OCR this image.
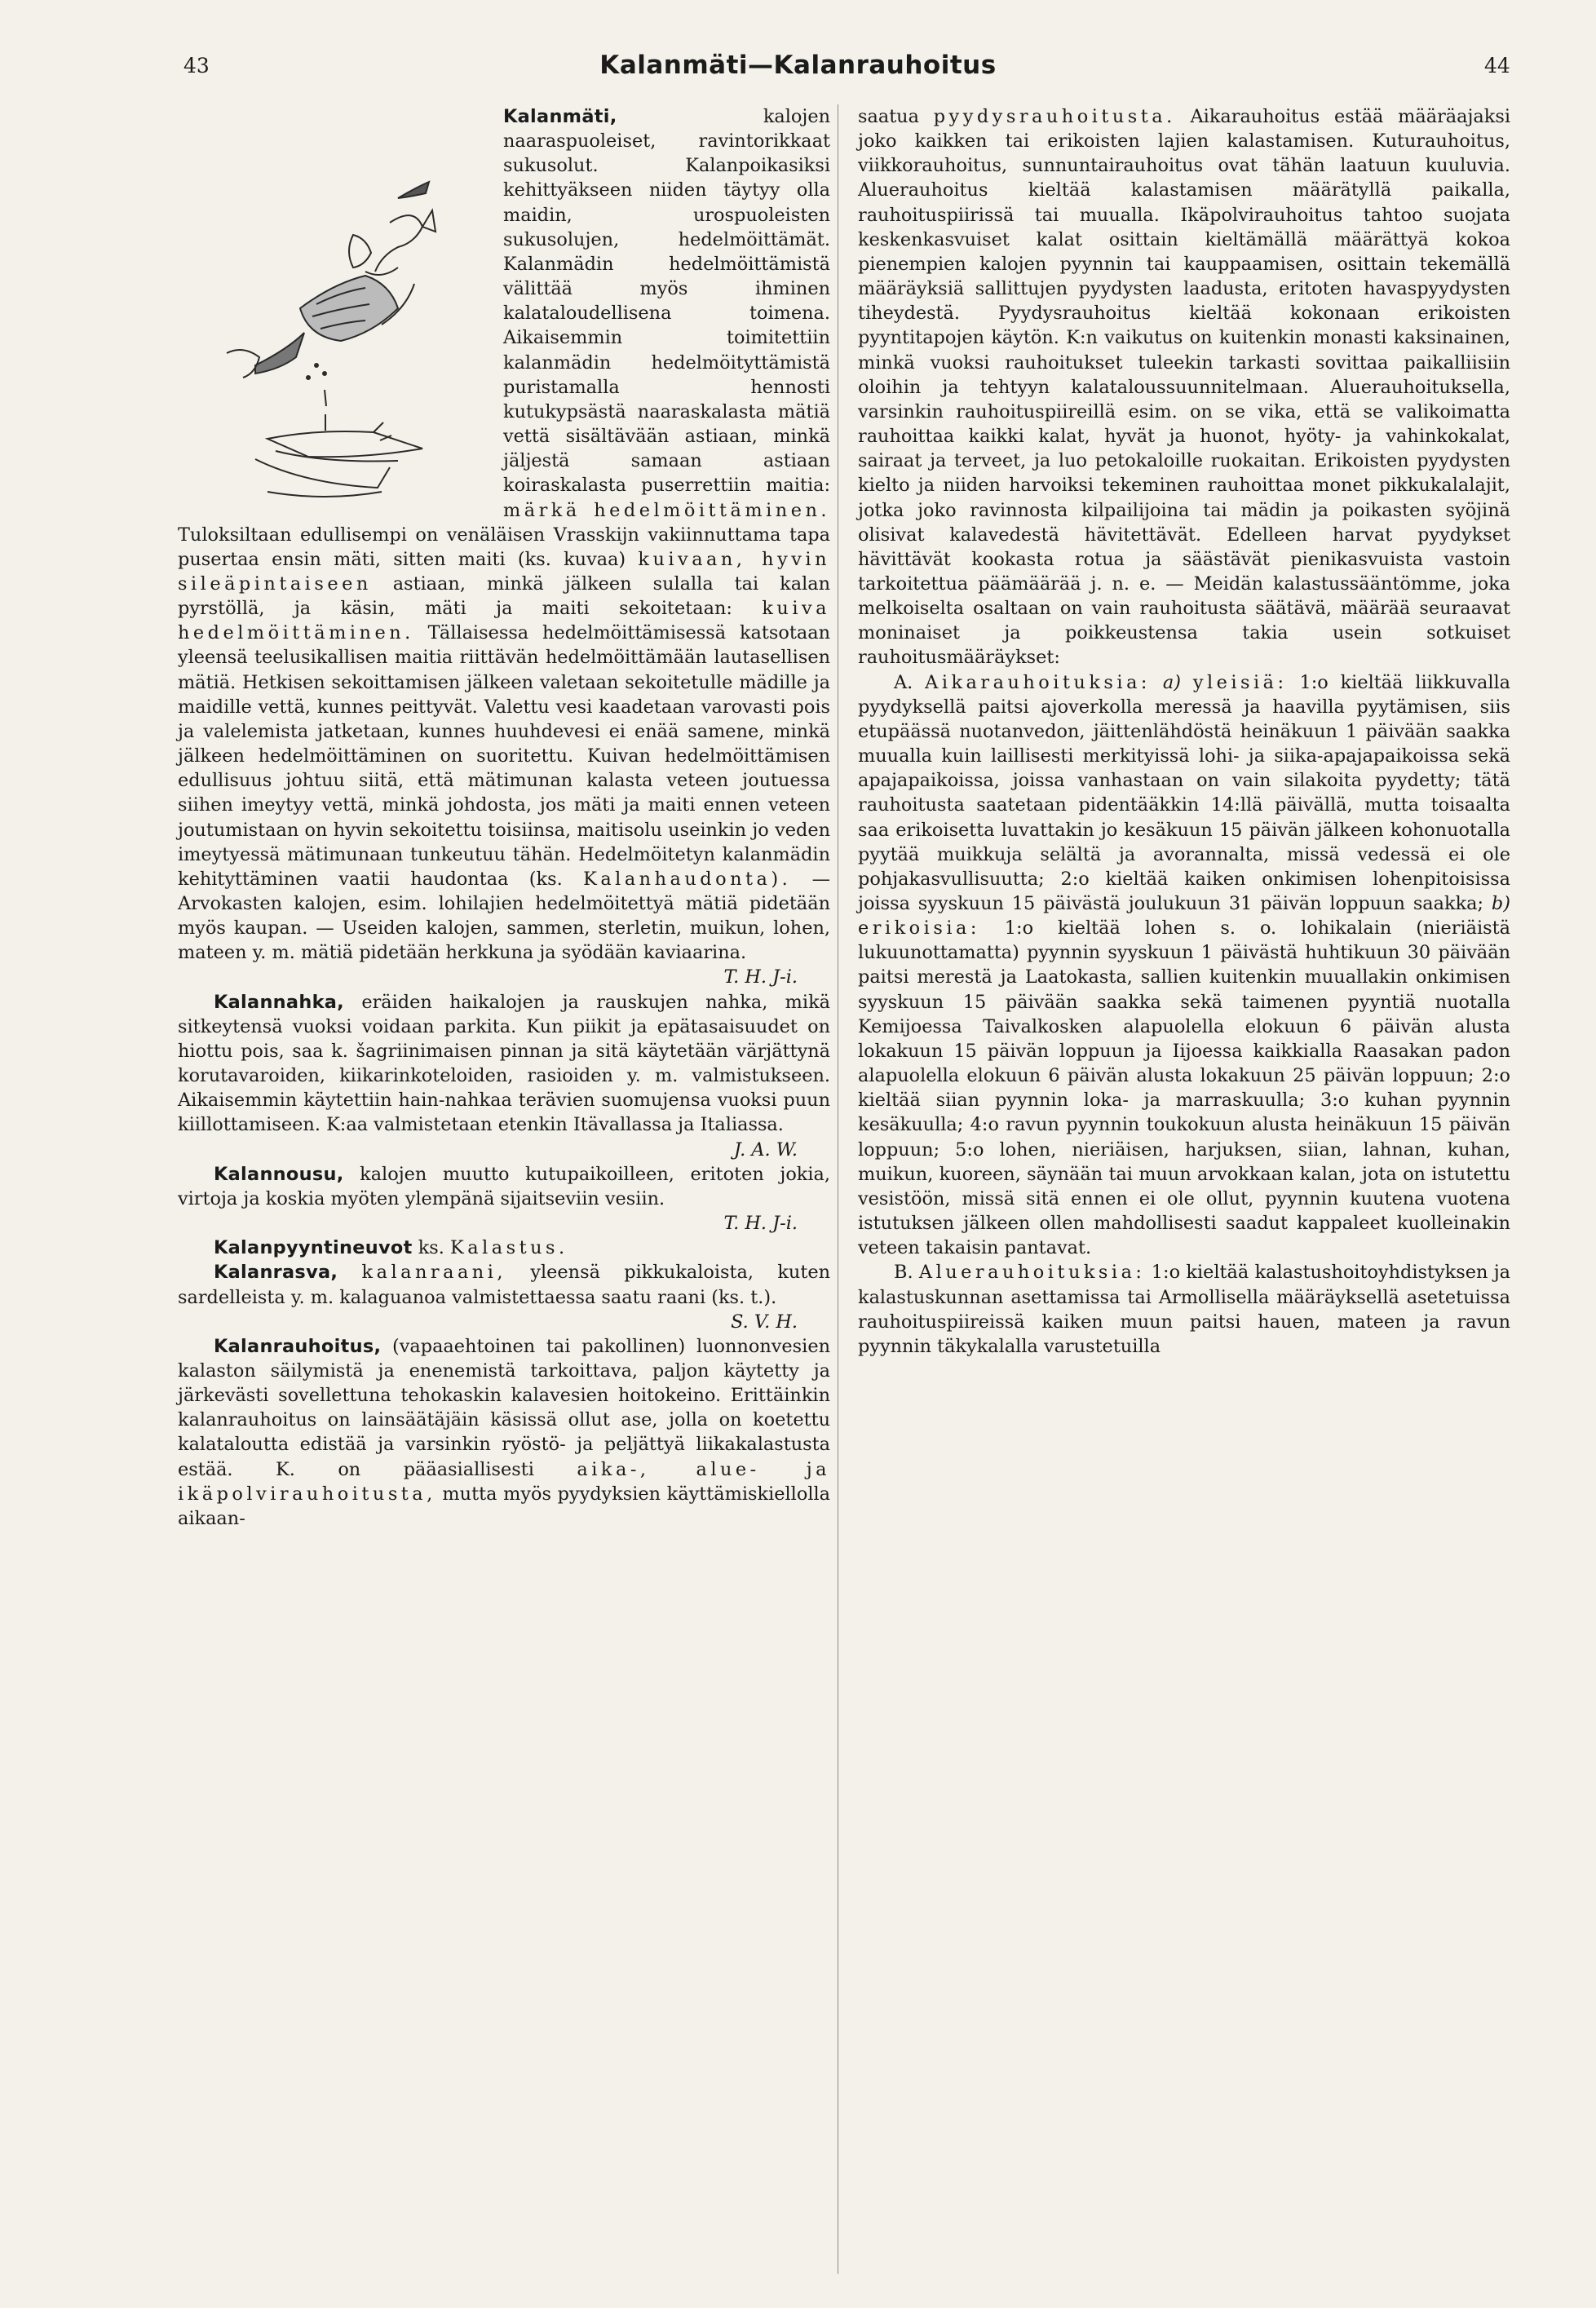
43	Kalanmäti—Kalanrauhoitus	44

Kalanmäti, kalojen naaraspuoleiset, ravintorikkaat sukusolut. Kalanpoikasiksi kehittyäkseen niiden täytyy olla maidin, urospuoleisten sukusolujen, hedelmöittämät. Kalanmädin hedelmöittämistä välittää myös ihminen kalataloudellisena toimena. Aikaisemmin toimitettiin kalanmädin hedelmöityttämistä puristamalla hennosti kutukypsästä naaraskalasta mätiä vettä sisältävään astiaan, minkä jäljestä samaan astiaan koiraskalasta puserrettiin maitia: märkä hedelmöittäminen. Tuloksiltaan edullisempi on venäläisen Vrasskijn vakiinnuttama tapa pusertaa ensin mäti, sitten maiti (ks. kuvaa) kuivaan, hyvin sileäpintaiseen astiaan, minkä jälkeen sulalla tai kalan pyrstöllä, ja käsin, mäti ja maiti sekoitetaan: kuiva hedelmöittäminen. Tällaisessa hedelmöittämisessä katsotaan yleensä teelusikallisen maitia riittävän hedelmöittämään lautasellisen mätiä. Hetkisen sekoittamisen jälkeen valetaan sekoitetulle mädille ja maidille vettä, kunnes peittyvät. Valettu vesi kaadetaan varovasti pois ja valelemista jatketaan, kunnes huuhdevesi ei enää samene, minkä jälkeen hedelmöittäminen on suoritettu. Kuivan hedelmöittämisen edullisuus johtuu siitä, että mätimunan kalasta veteen joutuessa siihen imeytyy vettä, minkä johdosta, jos mäti ja maiti ennen veteen joutumistaan on hyvin sekoitettu toisiinsa, maitisolu useinkin jo veden imeytyessä mätimunaan tunkeutuu tähän. Hedelmöitetyn kalanmädin kehityttäminen vaatii haudontaa (ks. Kalanhaudonta). — Arvokasten kalojen, esim. lohilajien hedelmöitettyä mätiä pidetään myös kaupan. — Useiden kalojen, sammen, sterletin, muikun, lohen, mateen y. m. mätiä pidetään herkkuna ja syödään kaviaarina.
T. H. J-i.

Kalannahka, eräiden haikalojen ja rauskujen nahka, mikä sitkeytensä vuoksi voidaan parkita. Kun piikit ja epätasaisuudet on hiottu pois, saa k. šagriinimaisen pinnan ja sitä käytetään värjättynä korutavaroiden, kiikarinkoteloiden, rasioiden y. m. valmistukseen. Aikaisemmin käytettiin hain-nahkaa terävien suomujensa vuoksi puun kiillottamiseen. K:aa valmistetaan etenkin Itävallassa ja Italiassa.
J. A. W.

Kalannousu, kalojen muutto kutupaikoilleen, eritoten jokia, virtoja ja koskia myöten ylempänä sijaitseviin vesiin.
T. H. J-i.

Kalanpyyntineuvot ks. Kalastus.

Kalanrasva, kalanraani, yleensä pikkukaloista, kuten sardelleista y. m. kalaguanoa valmistettaessa saatu raani (ks. t.).
S. V. H.

Kalanrauhoitus, (vapaaehtoinen tai pakollinen) luonnonvesien kalaston säilymistä ja enenemistä tarkoittava, paljon käytetty ja järkevästi sovellettuna tehokaskin kalavesien hoitokeino. Erittäinkin kalanrauhoitus on lainsäätäjäin käsissä ollut ase, jolla on koetettu kalataloutta edistää ja varsinkin ryöstö- ja peljättyä liikakalastusta estää. K. on pääasiallisesti aika-, alue- ja ikäpolvirauhoitusta, mutta myös pyydyksien käyttämiskiellolla aikaan-

saatua pyydysrauhoitusta. Aikarauhoitus estää määräajaksi joko kaikken tai erikoisten lajien kalastamisen. Kuturauhoitus, viikkorauhoitus, sunnuntairauhoitus ovat tähän laatuun kuuluvia. Aluerauhoitus kieltää kalastamisen määrätyllä paikalla, rauhoituspiirissä tai muualla. Ikäpolvirauhoitus tahtoo suojata keskenkasvuiset kalat osittain kieltämällä määrättyä kokoa pienempien kalojen pyynnin tai kauppaamisen, osittain tekemällä määräyksiä sallittujen pyydysten laadusta, eritoten havaspyydysten tiheydestä. Pyydysrauhoitus kieltää kokonaan erikoisten pyyntitapojen käytön. K:n vaikutus on kuitenkin monasti kaksinainen, minkä vuoksi rauhoitukset tuleekin tarkasti sovittaa paikalliisiin oloihin ja tehtyyn kalataloussuunnitelmaan. Aluerauhoituksella, varsinkin rauhoituspiireillä esim. on se vika, että se valikoimatta rauhoittaa kaikki kalat, hyvät ja huonot, hyöty- ja vahinkokalat, sairaat ja terveet, ja luo petokaloille ruokaitan. Erikoisten pyydysten kielto ja niiden harvoiksi tekeminen rauhoittaa monet pikkukalalajit, jotka joko ravinnosta kilpailijoina tai mädin ja poikasten syöjinä olisivat kalavedestä hävitettävät. Edelleen harvat pyydykset hävittävät kookasta rotua ja säästävät pienikasvuista vastoin tarkoitettua päämäärää j. n. e. — Meidän kalastussääntömme, joka melkoiselta osaltaan on vain rauhoitusta säätävä, määrää seuraavat moninaiset ja poikkeustensa takia usein sotkuiset rauhoitusmääräykset:

A. Aikarauhoituksia: a) yleisiä: 1:o kieltää liikkuvalla pyydyksellä paitsi ajoverkolla meressä ja haavilla pyytämisen, siis etupäässä nuotanvedon, jäittenlähdöstä heinäkuun 1 päivään saakka muualla kuin laillisesti merkityissä lohi- ja siika-apajapaikoissa sekä apajapaikoissa, joissa vanhastaan on vain silakoita pyydetty; tätä rauhoitusta saatetaan pidentääkkin 14:llä päivällä, mutta toisaalta saa erikoisetta luvattakin jo kesäkuun 15 päivän jälkeen kohonuotalla pyytää muikkuja selältä ja avorannalta, missä vedessä ei ole pohjakasvullisuutta; 2:o kieltää kaiken onkimisen lohenpitoisissa joissa syyskuun 15 päivästä joulukuun 31 päivän loppuun saakka; b) erikoisia: 1:o kieltää lohen s. o. lohikalain (nieriäistä lukuunottamatta) pyynnin syyskuun 1 päivästä huhtikuun 30 päivään paitsi merestä ja Laatokasta, sallien kuitenkin muuallakin onkimisen syyskuun 15 päivään saakka sekä taimenen pyyntiä nuotalla Kemijoessa Taivalkosken alapuolella elokuun 6 päivän alusta lokakuun 15 päivän loppuun ja Iijoessa kaikkialla Raasakan padon alapuolella elokuun 6 päivän alusta lokakuun 25 päivän loppuun; 2:o kieltää siian pyynnin loka- ja marraskuulla; 3:o kuhan pyynnin kesäkuulla; 4:o ravun pyynnin toukokuun alusta heinäkuun 15 päivän loppuun; 5:o lohen, nieriäisen, harjuksen, siian, lahnan, kuhan, muikun, kuoreen, säynään tai muun arvokkaan kalan, jota on istutettu vesistöön, missä sitä ennen ei ole ollut, pyynnin kuutena vuotena istutuksen jälkeen ollen mahdollisesti saadut kappaleet kuolleinakin veteen takaisin pantavat.

B. Aluerauhoituksia: 1:o kieltää kalastushoitoyhdistyksen ja kalastuskunnan asettamissa tai Armollisella määräyksellä asetetuissa rauhoituspiireissä kaiken muun paitsi hauen, mateen ja ravun pyynnin täkykalalla varustetuilla
